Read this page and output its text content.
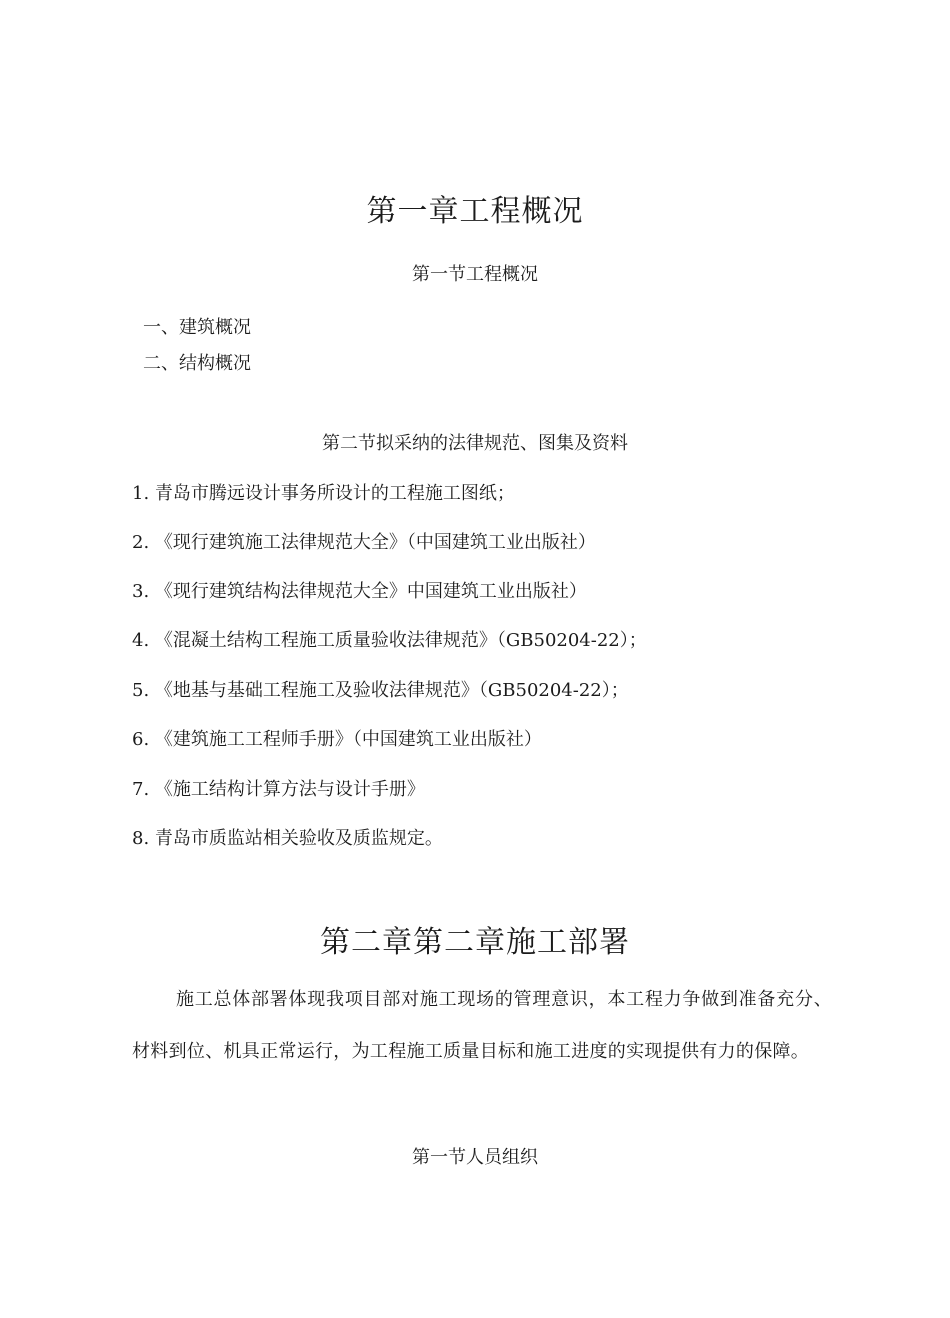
第一章工程概况
第一节工程概况
一、建筑概况
二、结构概况
第二节拟采纳的法律规范、图集及资料
1. 青岛市腾远设计事务所设计的工程施工图纸；
2. 《现行建筑施工法律规范大全》（中国建筑工业出版社）
3. 《现行建筑结构法律规范大全》中国建筑工业出版社）
4. 《混凝土结构工程施工质量验收法律规范》（GB50204-22）；
5. 《地基与基础工程施工及验收法律规范》（GB50204-22）；
6. 《建筑施工工程师手册》（中国建筑工业出版社）
7. 《施工结构计算方法与设计手册》
8. 青岛市质监站相关验收及质监规定。
第二章第二章施工部署
施工总体部署体现我项目部对施工现场的管理意识，本工程力争做到准备充分、材料到位、机具正常运行，为工程施工质量目标和施工进度的实现提供有力的保障。
第一节人员组织
